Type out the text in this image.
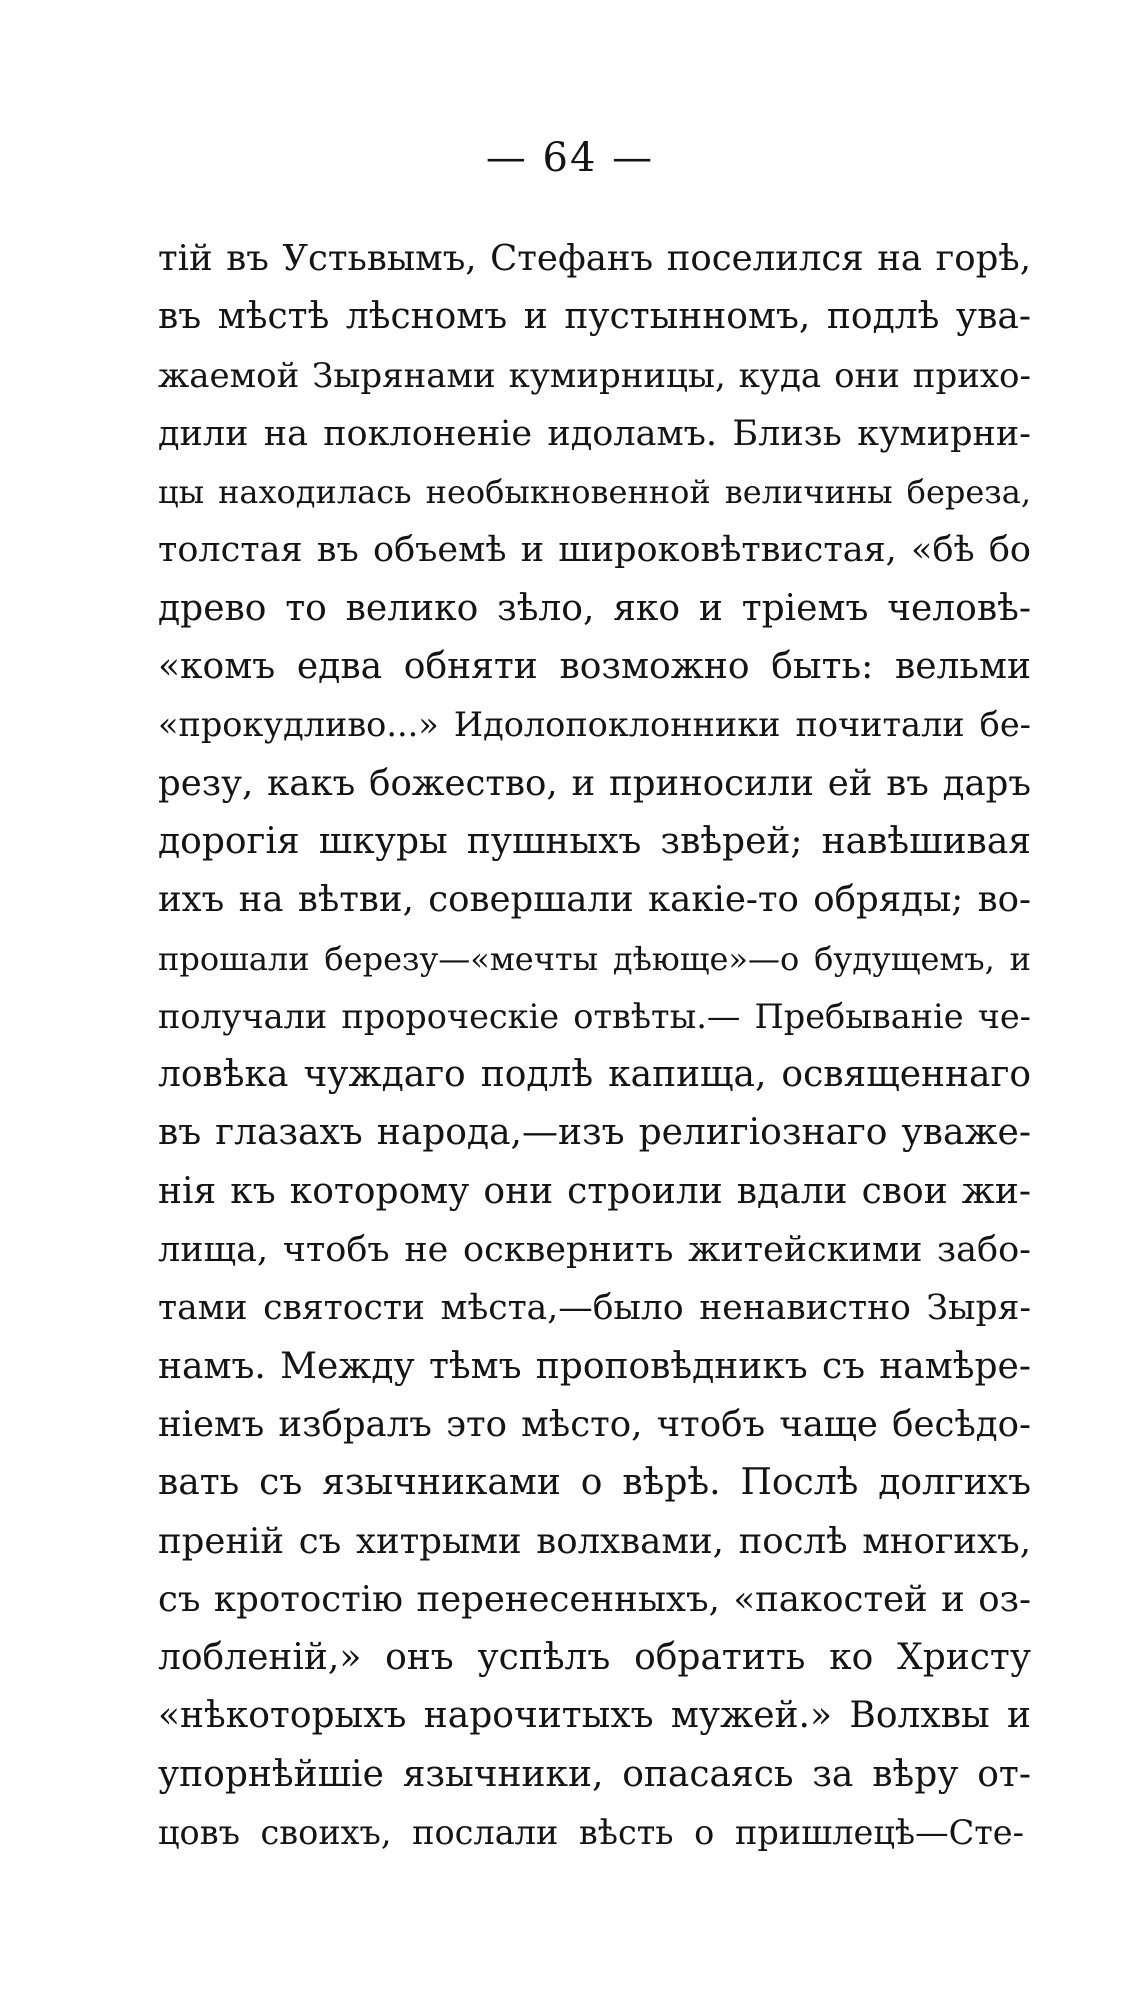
— 64 —
тій въ Устьвымъ, Стефанъ поселился на горѣ,
въ мѣстѣ лѣсномъ и пустынномъ, подлѣ ува-
жаемой Зырянами кумирницы, куда они прихо-
дили на поклоненіе идоламъ. Близь кумирни-
цы находилась необыкновенной величины береза,
толстая въ объемѣ и широковѣтвистая, «бѣ бо
древо то велико зѣло, яко и тріемъ человѣ-
«комъ едва обняти возможно быть: вельми
«прокудливо...» Идолопоклонники почитали бе-
резу, какъ божество, и приносили ей въ даръ
дорогія шкуры пушныхъ звѣрей; навѣшивая
ихъ на вѣтви, совершали какіе-то обряды; во-
прошали березу—«мечты дѣюще»—о будущемъ, и
получали пророческіе отвѣты.— Пребываніе че-
ловѣка чуждаго подлѣ капища, освященнаго
въ глазахъ народа,—изъ религіознаго уваже-
нія къ которому они строили вдали свои жи-
лища, чтобъ не осквернить житейскими забо-
тами святости мѣста,—было ненавистно Зыря-
намъ. Между тѣмъ проповѣдникъ съ намѣре-
ніемъ избралъ это мѣсто, чтобъ чаще бесѣдо-
вать съ язычниками о вѣрѣ. Послѣ долгихъ
преній съ хитрыми волхвами, послѣ многихъ,
съ кротостію перенесенныхъ, «пакостей и оз-
лобленій,» онъ успѣлъ обратить ко Христу
«нѣкоторыхъ нарочитыхъ мужей.» Волхвы и
упорнѣйшіе язычники, опасаясь за вѣру от-
цовъ своихъ, послали вѣсть о пришлецѣ—Сте-
